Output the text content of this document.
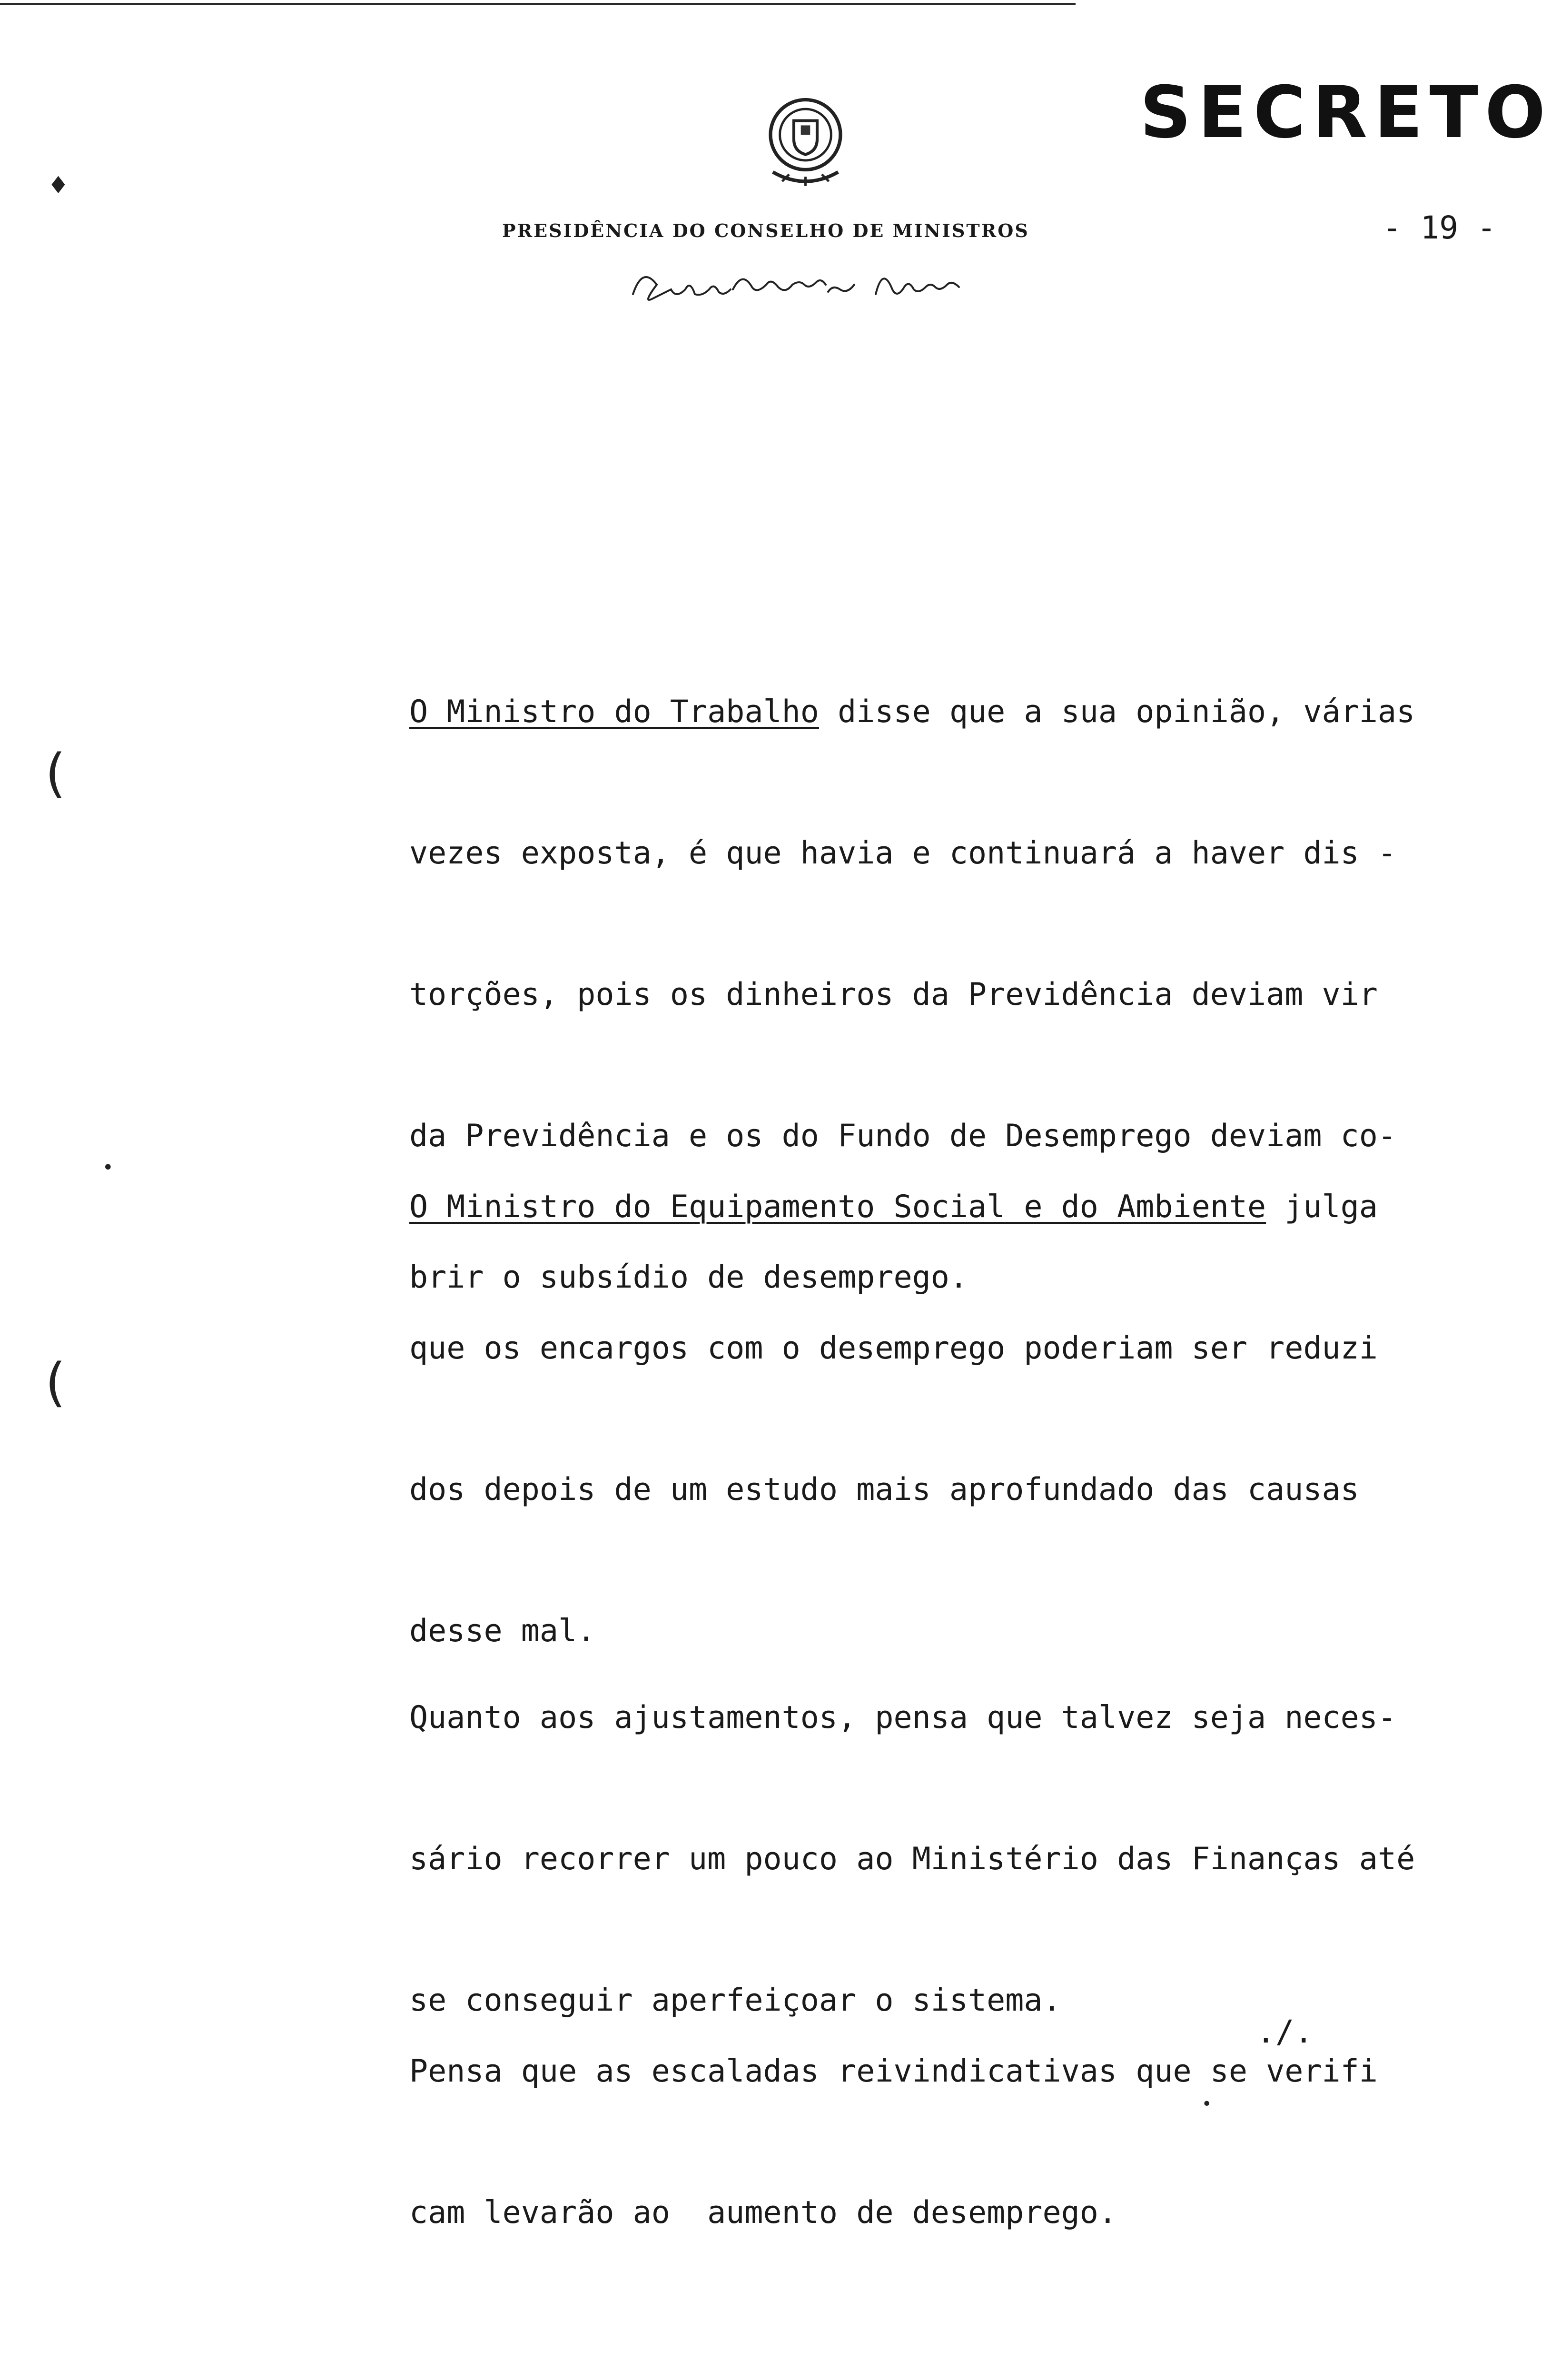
SECRETO
PRESIDÊNCIA DO CONSELHO DE MINISTROS	- 19 -

O Ministro do Trabalho disse que a sua opinião, várias

vezes exposta, é que havia e continuará a haver dis -

torções, pois os dinheiros da Previdência deviam vir

da Previdência e os do Fundo de Desemprego deviam co-

brir o subsídio de desemprego.

Quanto aos ajustamentos, pensa que talvez seja neces-

sário recorrer um pouco ao Ministério das Finanças até

se conseguir aperfeiçoar o sistema.

O Ministro do Equipamento Social e do Ambiente julga

que os encargos com o desemprego poderiam ser reduzi

dos depois de um estudo mais aprofundado das causas

desse mal.

Pensa que as escaladas reivindicativas que se verifi

cam levarão ao  aumento de desemprego.

./.
(
(
♦
•
•
